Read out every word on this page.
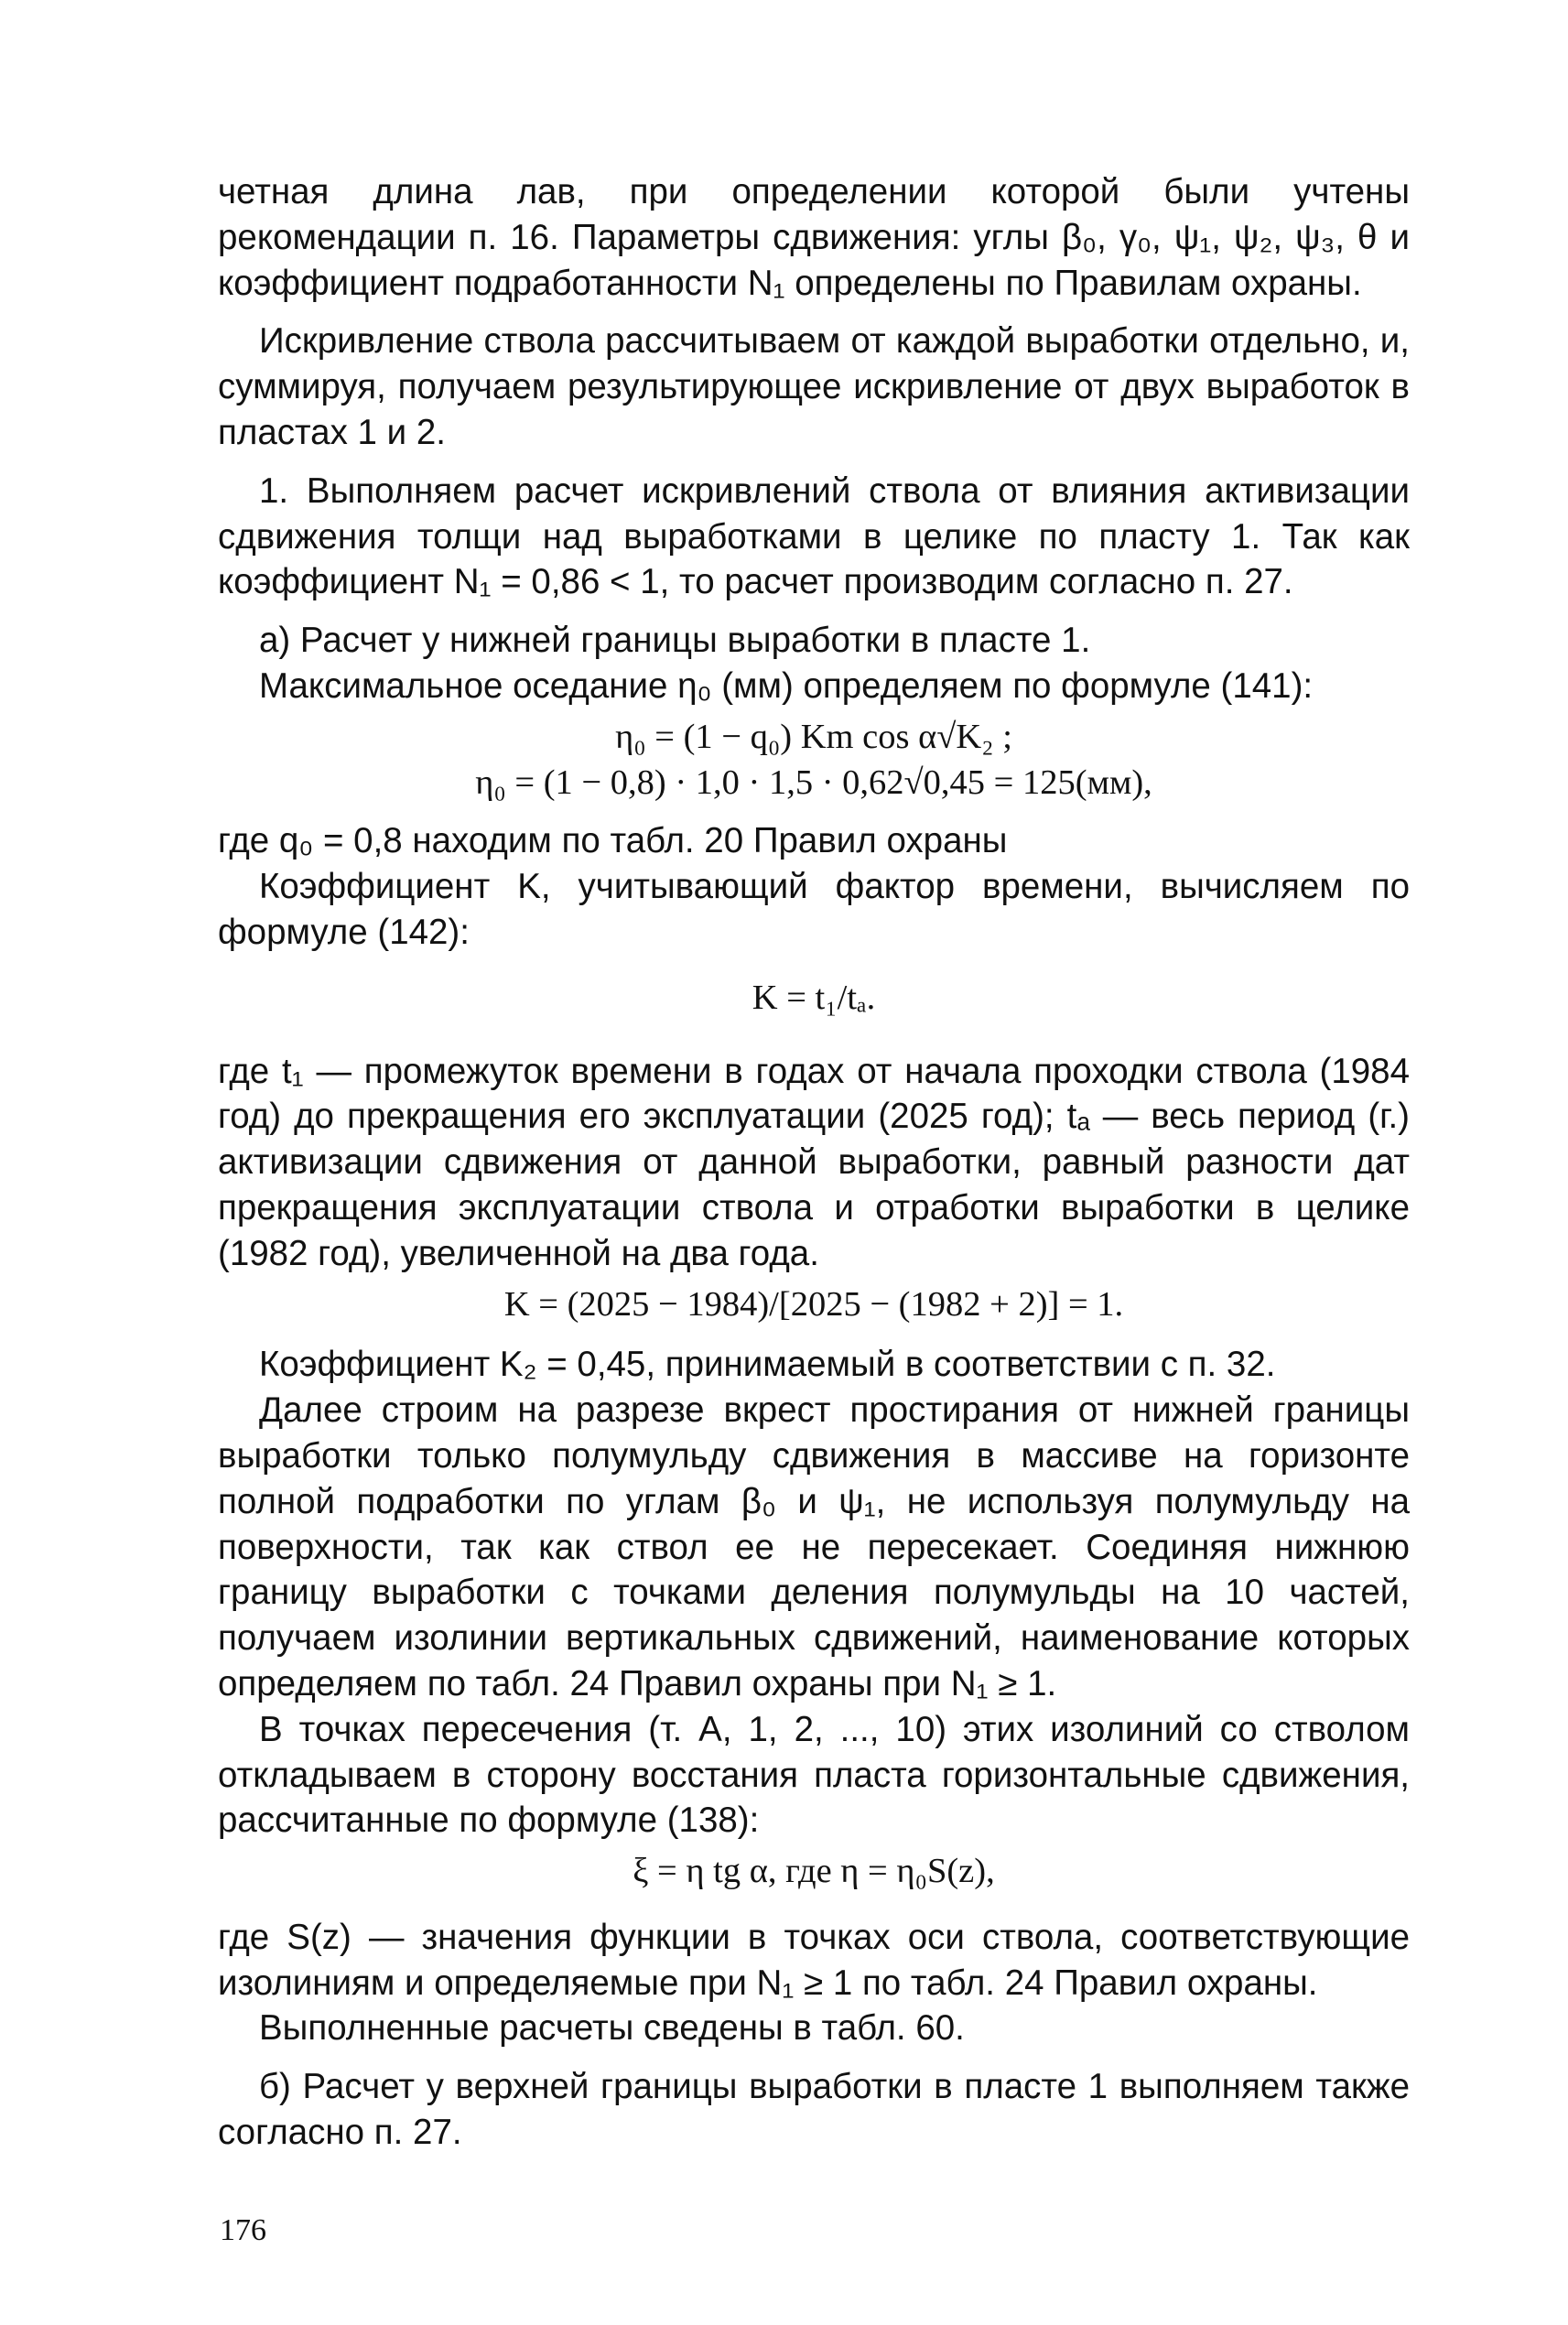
четная длина лав, при определении которой были учтены рекомендации п. 16. Параметры сдвижения: углы β₀, γ₀, ψ₁, ψ₂, ψ₃, θ и коэффициент подработанности N₁ определены по Правилам охраны.

Искривление ствола рассчитываем от каждой выработки отдельно, и, суммируя, получаем результирующее искривление от двух выработок в пластах 1 и 2.

1. Выполняем расчет искривлений ствола от влияния активизации сдвижения толщи над выработками в целике по пласту 1. Так как коэффициент N₁ = 0,86 < 1, то расчет производим согласно п. 27.

а) Расчет у нижней границы выработки в пласте 1.

Максимальное оседание η₀ (мм) определяем по формуле (141):

η₀ = (1 − q₀) Km cos α√K₂ ;
η₀ = (1 − 0,8) · 1,0 · 1,5 · 0,62√0,45 = 125(мм),

где q₀ = 0,8 находим по табл. 20 Правил охраны

Коэффициент K, учитывающий фактор времени, вычисляем по формуле (142):

K = t₁/tₐ.

где t₁ — промежуток времени в годах от начала проходки ствола (1984 год) до прекращения его эксплуатации (2025 год); tₐ — весь период (г.) активизации сдвижения от данной выработки, равный разности дат прекращения эксплуатации ствола и отработки выработки в целике (1982 год), увеличенной на два года.

K = (2025 − 1984)/[2025 − (1982 + 2)] = 1.

Коэффициент K₂ = 0,45, принимаемый в соответствии с п. 32.

Далее строим на разрезе вкрест простирания от нижней границы выработки только полумульду сдвижения в массиве на горизонте полной подработки по углам β₀ и ψ₁, не используя полумульду на поверхности, так как ствол ее не пересекает. Соединяя нижнюю границу выработки с точками деления полумульды на 10 частей, получаем изолинии вертикальных сдвижений, наименование которых определяем по табл. 24 Правил охраны при N₁ ≥ 1.

В точках пересечения (т. А, 1, 2, ..., 10) этих изолиний со стволом откладываем в сторону восстания пласта горизонтальные сдвижения, рассчитанные по формуле (138):

ξ = η tg α, где η = η₀S(z),

где S(z) — значения функции в точках оси ствола, соответствующие изолиниям и определяемые при N₁ ≥ 1 по табл. 24 Правил охраны.

Выполненные расчеты сведены в табл. 60.

б) Расчет у верхней границы выработки в пласте 1 выполняем также согласно п. 27.

176
